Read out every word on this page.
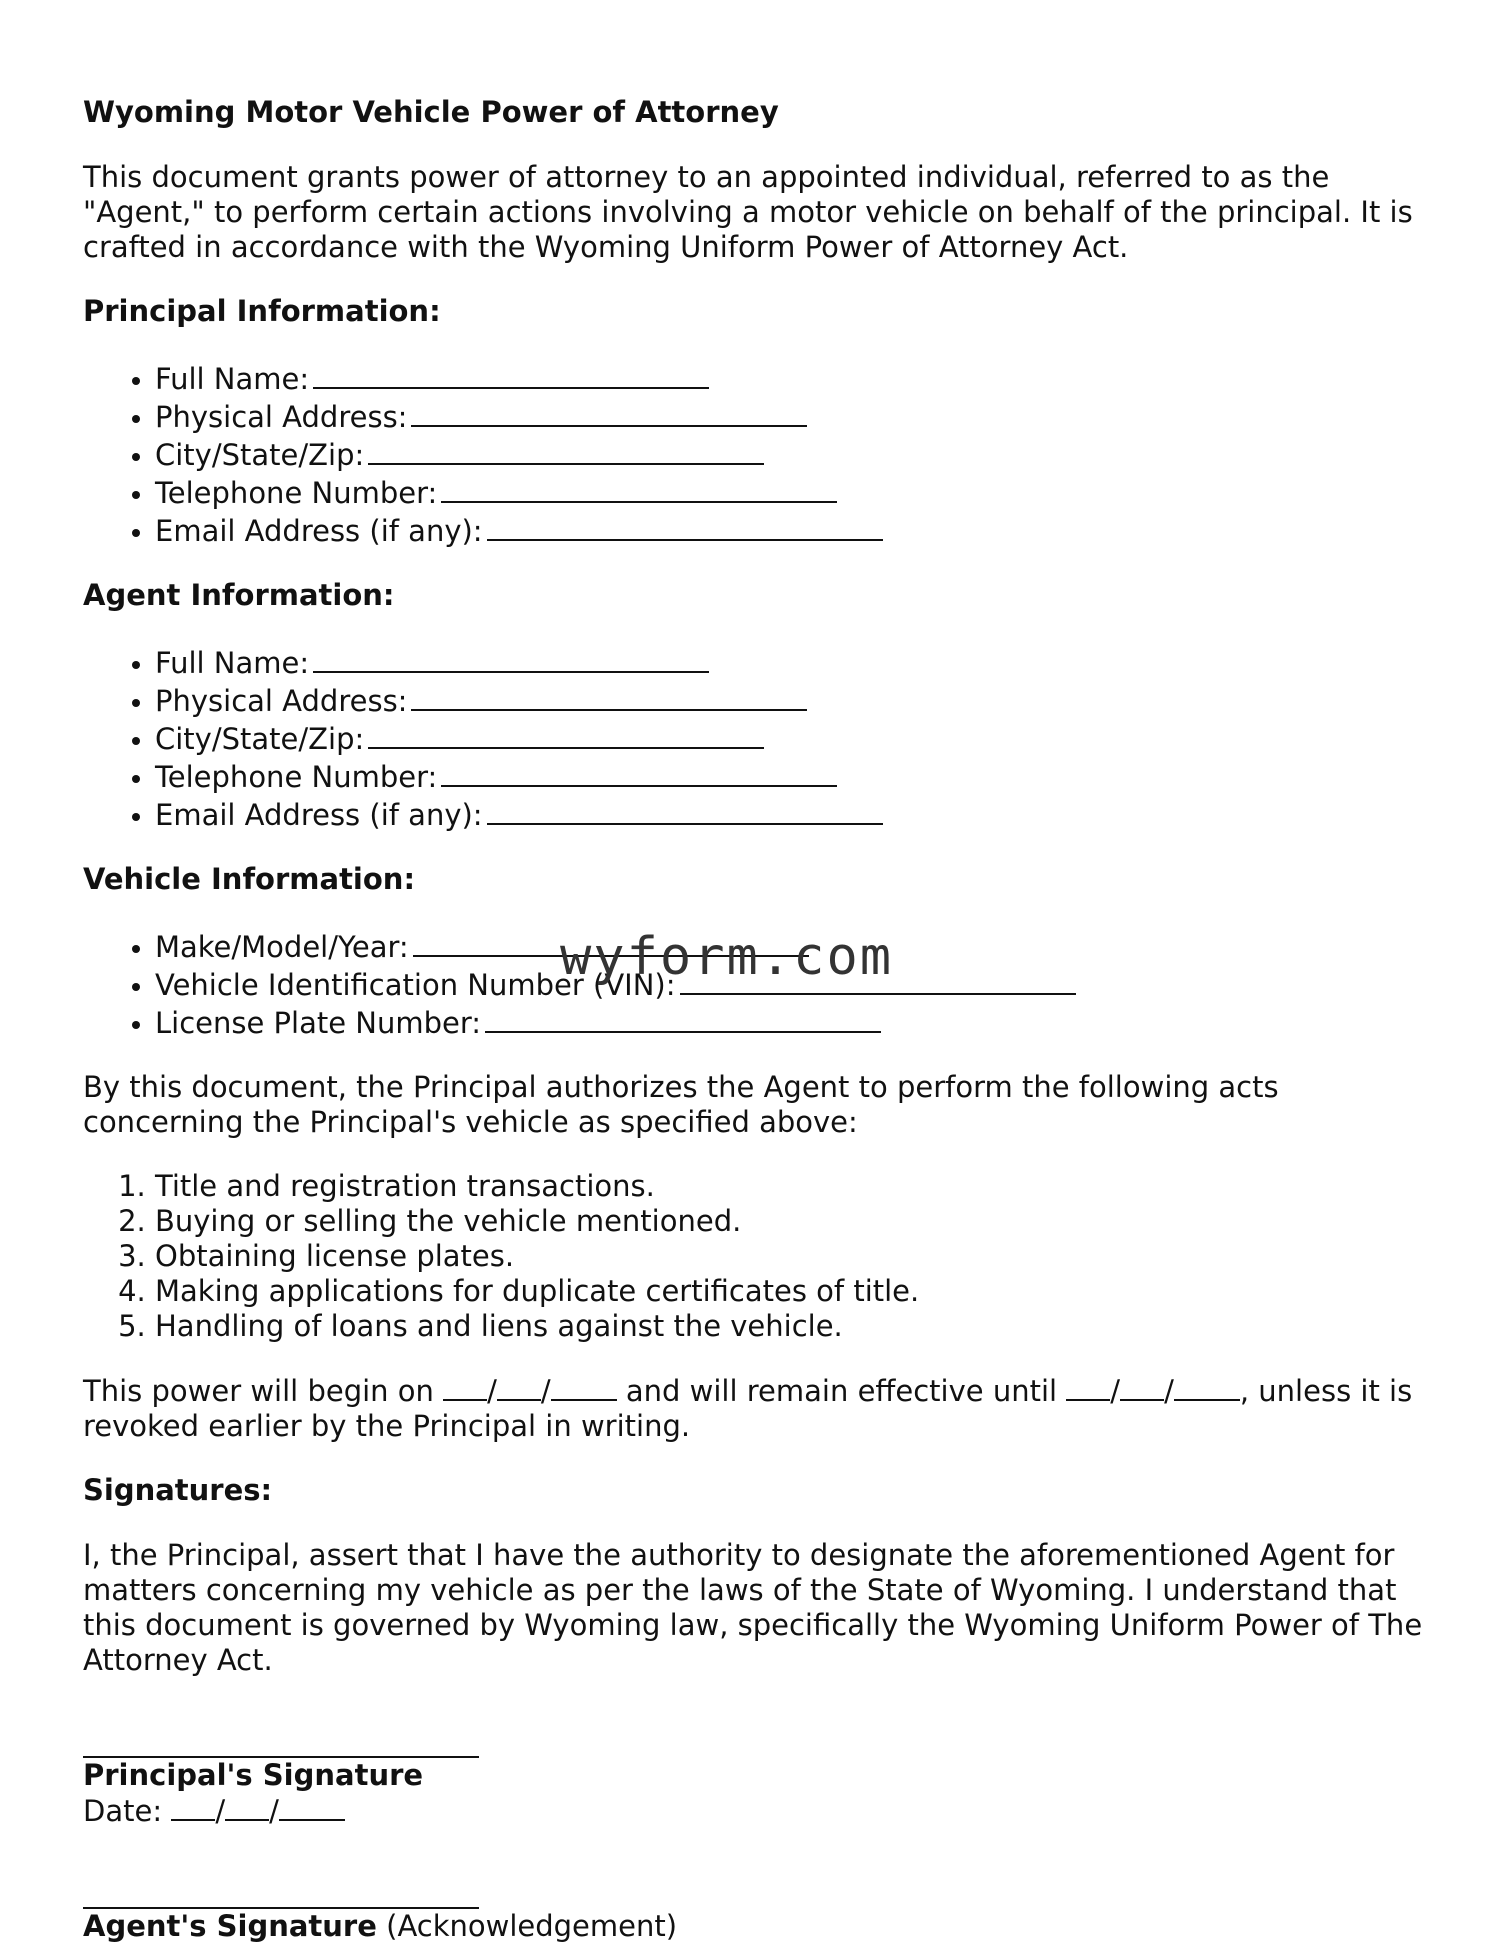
Wyoming Motor Vehicle Power of Attorney
This document grants power of attorney to an appointed individual, referred to as the "Agent," to perform certain actions involving a motor vehicle on behalf of the principal. It is crafted in accordance with the Wyoming Uniform Power of Attorney Act.
Principal Information:
• Full Name:
• Physical Address:
• City/State/Zip:
• Telephone Number:
• Email Address (if any):
Agent Information:
• Full Name:
• Physical Address:
• City/State/Zip:
• Telephone Number:
• Email Address (if any):
Vehicle Information:
• Make/Model/Year:
• Vehicle Identification Number (VIN):
• License Plate Number:
By this document, the Principal authorizes the Agent to perform the following acts concerning the Principal's vehicle as specified above:
1. Title and registration transactions.
2. Buying or selling the vehicle mentioned.
3. Obtaining license plates.
4. Making applications for duplicate certificates of title.
5. Handling of loans and liens against the vehicle.
This power will begin on / /	and will remain effective until / / , unless it is revoked earlier by the Principal in writing.
Signatures:
I, the Principal, assert that I have the authority to designate the aforementioned Agent for matters concerning my vehicle as per the laws of the State of Wyoming. I understand that this document is governed by Wyoming law, specifically the Wyoming Uniform Power of The Attorney Act.
Principal's Signature
Date: / /
Agent's Signature (Acknowledgement)
wyform.com
